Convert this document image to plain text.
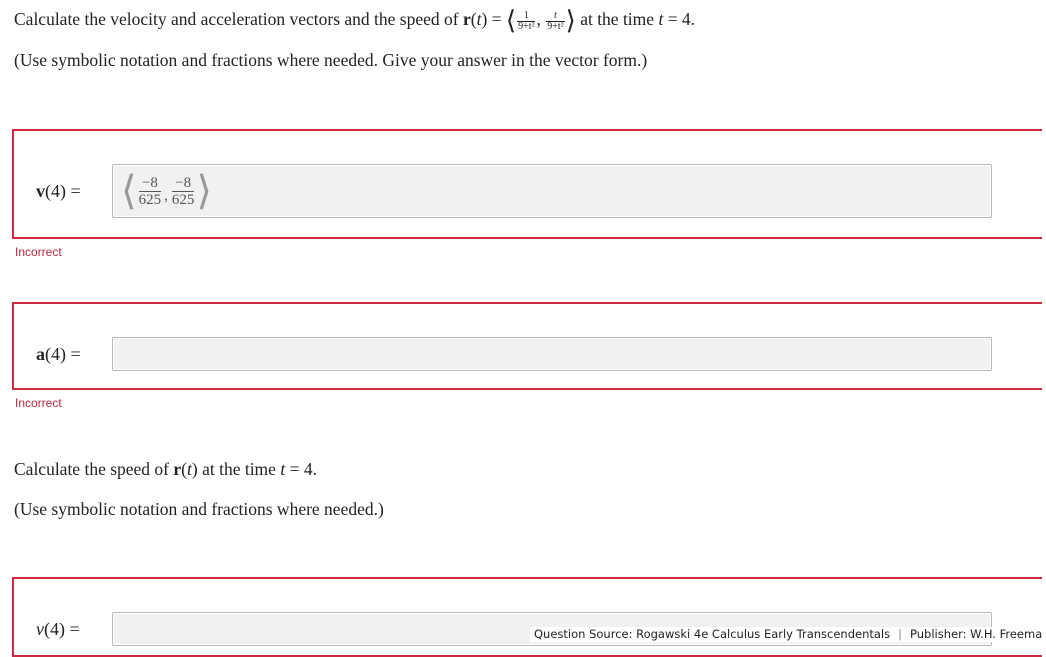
Calculate the velocity and acceleration vectors and the speed of r(t) = ⟨ $\frac{1}{\text{9+t²}}$ , $\frac{t}{\text{9+t²}}$ ⟩ at the time t = 4.
(Use symbolic notation and fractions where needed. Give your answer in the vector form.)
v(4) = ⟨ −8
625 ,
−8
625 ⟩
Incorrect
a(4) =
Incorrect
Calculate the speed of r(t) at the time t = 4.
(Use symbolic notation and fractions where needed.)
v(4) =	Question Source: Rogawski 4e Calculus Early Transcendentals | Publisher: W.H. Freema
